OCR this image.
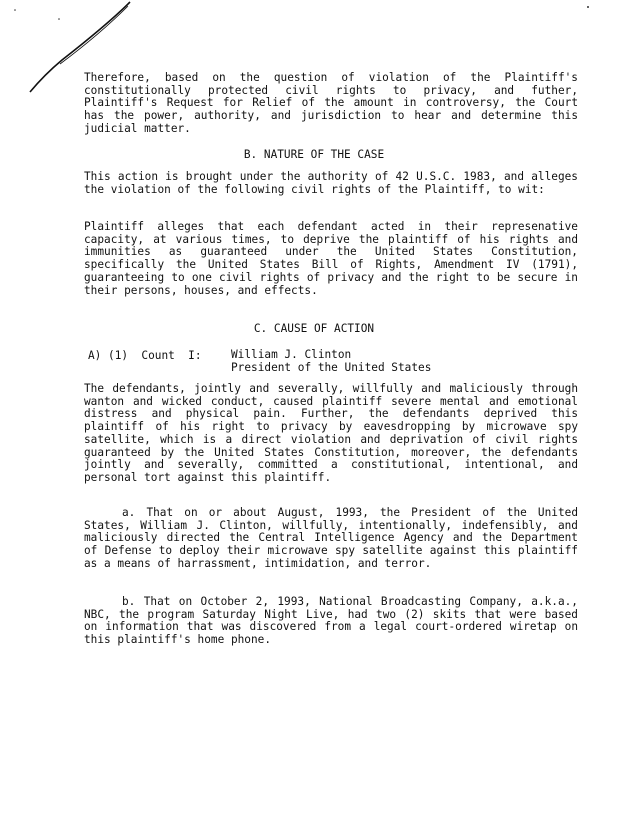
Therefore, based on the question of violation of the Plaintiff's constitutionally protected civil rights to privacy, and futher, Plaintiff's Request for Relief of the amount in controversy, the Court has the power, authority, and jurisdiction to hear and determine this judicial matter.
B. NATURE OF THE CASE
This action is brought under the authority of 42 U.S.C. 1983, and alleges the violation of the following civil rights of the Plaintiff, to wit:
Plaintiff alleges that each defendant acted in their represenative capacity, at various times, to deprive the plaintiff of his rights and immunities as guaranteed under the United States Constitution, specifically the United States Bill of Rights, Amendment IV (1791), guaranteeing to one civil rights of privacy and the right to be secure in their persons, houses, and effects.
C. CAUSE OF ACTION
A) (1)  Count  I:	William J. Clinton
President of the United States
The defendants, jointly and severally, willfully and maliciously through wanton and wicked conduct, caused plaintiff severe mental and emotional distress and physical pain. Further, the defendants deprived this plaintiff of his right to privacy by eavesdropping by microwave spy satellite, which is a direct violation and deprivation of civil rights guaranteed by the United States Constitution, moreover, the defendants jointly and severally, committed a constitutional, intentional, and personal tort against this plaintiff.
a. That on or about August, 1993, the President of the United States, William J. Clinton, willfully, intentionally, indefensibly, and maliciously directed the Central Intelligence Agency and the Department of Defense to deploy their microwave spy satellite against this plaintiff as a means of harrassment, intimidation, and terror.
b. That on October 2, 1993, National Broadcasting Company, a.k.a., NBC, the program Saturday Night Live, had two (2) skits that were based on information that was discovered from a legal court-ordered wiretap on this plaintiff's home phone.
